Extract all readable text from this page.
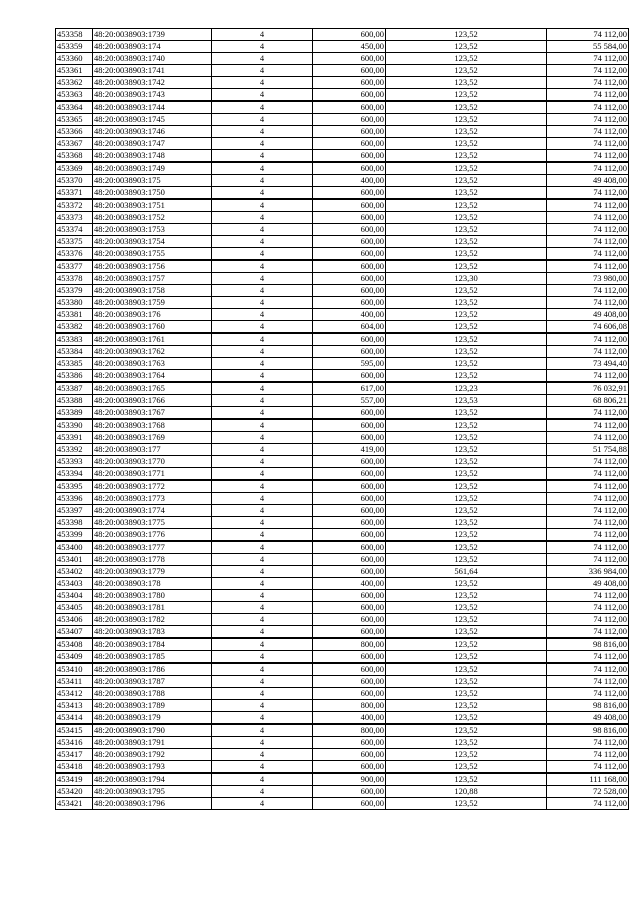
453358	48:20:0038903:1739	4	600,00	123,52	74 112,00
453359	48:20:0038903:174	4	450,00	123,52	55 584,00
453360	48:20:0038903:1740	4	600,00	123,52	74 112,00
453361	48:20:0038903:1741	4	600,00	123,52	74 112,00
453362	48:20:0038903:1742	4	600,00	123,52	74 112,00
453363	48:20:0038903:1743	4	600,00	123,52	74 112,00
453364	48:20:0038903:1744	4	600,00	123,52	74 112,00
453365	48:20:0038903:1745	4	600,00	123,52	74 112,00
453366	48:20:0038903:1746	4	600,00	123,52	74 112,00
453367	48:20:0038903:1747	4	600,00	123,52	74 112,00
453368	48:20:0038903:1748	4	600,00	123,52	74 112,00
453369	48:20:0038903:1749	4	600,00	123,52	74 112,00
453370	48:20:0038903:175	4	400,00	123,52	49 408,00
453371	48:20:0038903:1750	4	600,00	123,52	74 112,00
453372	48:20:0038903:1751	4	600,00	123,52	74 112,00
453373	48:20:0038903:1752	4	600,00	123,52	74 112,00
453374	48:20:0038903:1753	4	600,00	123,52	74 112,00
453375	48:20:0038903:1754	4	600,00	123,52	74 112,00
453376	48:20:0038903:1755	4	600,00	123,52	74 112,00
453377	48:20:0038903:1756	4	600,00	123,52	74 112,00
453378	48:20:0038903:1757	4	600,00	123,30	73 980,00
453379	48:20:0038903:1758	4	600,00	123,52	74 112,00
453380	48:20:0038903:1759	4	600,00	123,52	74 112,00
453381	48:20:0038903:176	4	400,00	123,52	49 408,00
453382	48:20:0038903:1760	4	604,00	123,52	74 606,08
453383	48:20:0038903:1761	4	600,00	123,52	74 112,00
453384	48:20:0038903:1762	4	600,00	123,52	74 112,00
453385	48:20:0038903:1763	4	595,00	123,52	73 494,40
453386	48:20:0038903:1764	4	600,00	123,52	74 112,00
453387	48:20:0038903:1765	4	617,00	123,23	76 032,91
453388	48:20:0038903:1766	4	557,00	123,53	68 806,21
453389	48:20:0038903:1767	4	600,00	123,52	74 112,00
453390	48:20:0038903:1768	4	600,00	123,52	74 112,00
453391	48:20:0038903:1769	4	600,00	123,52	74 112,00
453392	48:20:0038903:177	4	419,00	123,52	51 754,88
453393	48:20:0038903:1770	4	600,00	123,52	74 112,00
453394	48:20:0038903:1771	4	600,00	123,52	74 112,00
453395	48:20:0038903:1772	4	600,00	123,52	74 112,00
453396	48:20:0038903:1773	4	600,00	123,52	74 112,00
453397	48:20:0038903:1774	4	600,00	123,52	74 112,00
453398	48:20:0038903:1775	4	600,00	123,52	74 112,00
453399	48:20:0038903:1776	4	600,00	123,52	74 112,00
453400	48:20:0038903:1777	4	600,00	123,52	74 112,00
453401	48:20:0038903:1778	4	600,00	123,52	74 112,00
453402	48:20:0038903:1779	4	600,00	561,64	336 984,00
453403	48:20:0038903:178	4	400,00	123,52	49 408,00
453404	48:20:0038903:1780	4	600,00	123,52	74 112,00
453405	48:20:0038903:1781	4	600,00	123,52	74 112,00
453406	48:20:0038903:1782	4	600,00	123,52	74 112,00
453407	48:20:0038903:1783	4	600,00	123,52	74 112,00
453408	48:20:0038903:1784	4	800,00	123,52	98 816,00
453409	48:20:0038903:1785	4	600,00	123,52	74 112,00
453410	48:20:0038903:1786	4	600,00	123,52	74 112,00
453411	48:20:0038903:1787	4	600,00	123,52	74 112,00
453412	48:20:0038903:1788	4	600,00	123,52	74 112,00
453413	48:20:0038903:1789	4	800,00	123,52	98 816,00
453414	48:20:0038903:179	4	400,00	123,52	49 408,00
453415	48:20:0038903:1790	4	800,00	123,52	98 816,00
453416	48:20:0038903:1791	4	600,00	123,52	74 112,00
453417	48:20:0038903:1792	4	600,00	123,52	74 112,00
453418	48:20:0038903:1793	4	600,00	123,52	74 112,00
453419	48:20:0038903:1794	4	900,00	123,52	111 168,00
453420	48:20:0038903:1795	4	600,00	120,88	72 528,00
453421	48:20:0038903:1796	4	600,00	123,52	74 112,00
